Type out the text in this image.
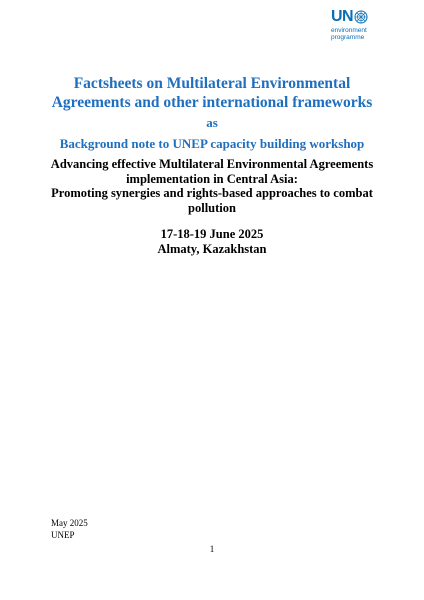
UN
environment
programme
Factsheets on Multilateral Environmental
Agreements and other international frameworks
as
Background note to UNEP capacity building workshop
Advancing effective Multilateral Environmental Agreements
implementation in Central Asia:
Promoting synergies and rights-based approaches to combat
pollution
17-18-19 June 2025
Almaty, Kazakhstan
May 2025
UNEP
1
